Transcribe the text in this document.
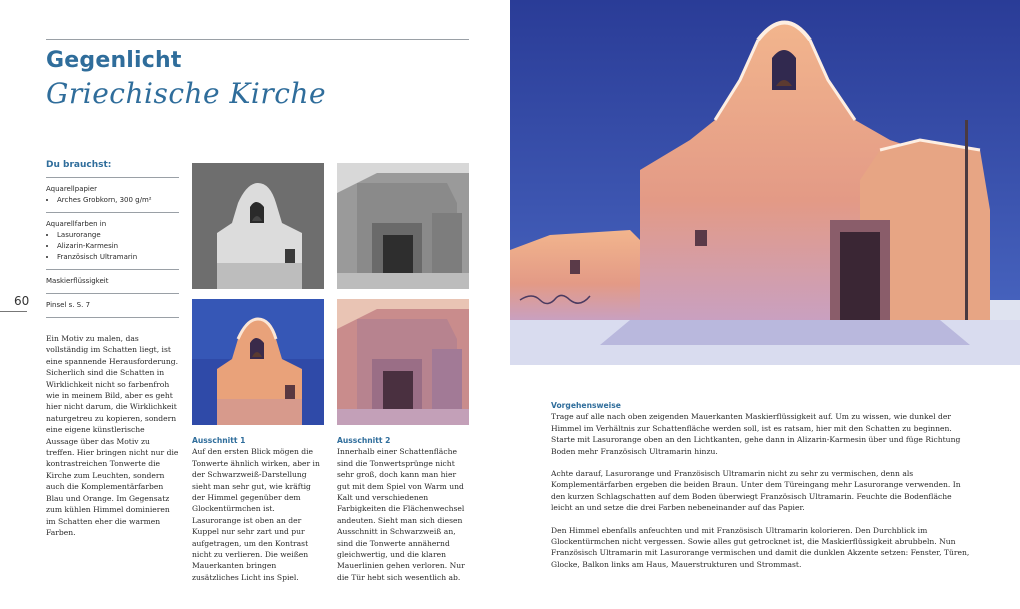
Gegenlicht
Griechische Kirche
60
Du brauchst:
Aquarellpapier
• Arches Grobkorn, 300 g/m²
Aquarellfarben in
• Lasurorange
• Alizarin-Karmesin
• Französisch Ultramarin
Maskierflüssigkeit
Pinsel s. S. 7
Ein Motiv zu malen, das vollständig im Schatten liegt, ist eine spannende Herausforderung. Sicherlich sind die Schatten in Wirklichkeit nicht so farbenfroh wie in meinem Bild, aber es geht hier nicht darum, die Wirklichkeit naturgetreu zu kopieren, sondern eine eigene künstlerische Aussage über das Motiv zu treffen. Hier bringen nicht nur die kontrastreichen Tonwerte die Kirche zum Leuchten, sondern auch die Komplementärfarben Blau und Orange. Im Gegensatz zum kühlen Himmel dominieren im Schatten eher die warmen Farben.
Ausschnitt 1
Auf den ersten Blick mögen die Tonwerte ähnlich wirken, aber in der Schwarzweiß-Darstellung sieht man sehr gut, wie kräftig der Himmel gegenüber dem Glockentürmchen ist. Lasurorange ist oben an der Kuppel nur sehr zart und pur aufgetragen, um den Kontrast nicht zu verlieren. Die weißen Mauerkanten bringen zusätzliches Licht ins Spiel.
Ausschnitt 2
Innerhalb einer Schattenfläche sind die Tonwertsprünge nicht sehr groß, doch kann man hier gut mit dem Spiel von Warm und Kalt und verschiedenen Farbigkeiten die Flächenwechsel andeuten. Sieht man sich diesen Ausschnitt in Schwarzweiß an, sind die Tonwerte annähernd gleichwertig, und die klaren Mauerlinien gehen verloren. Nur die Tür hebt sich wesentlich ab.

Vorgehensweise
Trage auf alle nach oben zeigenden Mauerkanten Maskierflüssigkeit auf. Um zu wissen, wie dunkel der Himmel im Verhältnis zur Schattenfläche werden soll, ist es ratsam, hier mit den Schatten zu beginnen. Starte mit Lasurorange oben an den Lichtkanten, gehe dann in Alizarin-Karmesin über und füge Richtung Boden mehr Französisch Ultramarin hinzu.

Achte darauf, Lasurorange und Französisch Ultramarin nicht zu sehr zu vermischen, denn als Komplementärfarben ergeben die beiden Braun. Unter dem Türeingang mehr Lasurorange verwenden. In den kurzen Schlagschatten auf dem Boden überwiegt Französisch Ultramarin. Feuchte die Bodenfläche leicht an und setze die drei Farben nebeneinander auf das Papier.

Den Himmel ebenfalls anfeuchten und mit Französisch Ultramarin kolorieren. Den Durchblick im Glockentürmchen nicht vergessen. Sowie alles gut getrocknet ist, die Maskierflüssigkeit abrubbeln. Nun Französisch Ultramarin mit Lasurorange vermischen und damit die dunklen Akzente setzen: Fenster, Türen, Glocke, Balkon links am Haus, Mauerstrukturen und Strommast.
